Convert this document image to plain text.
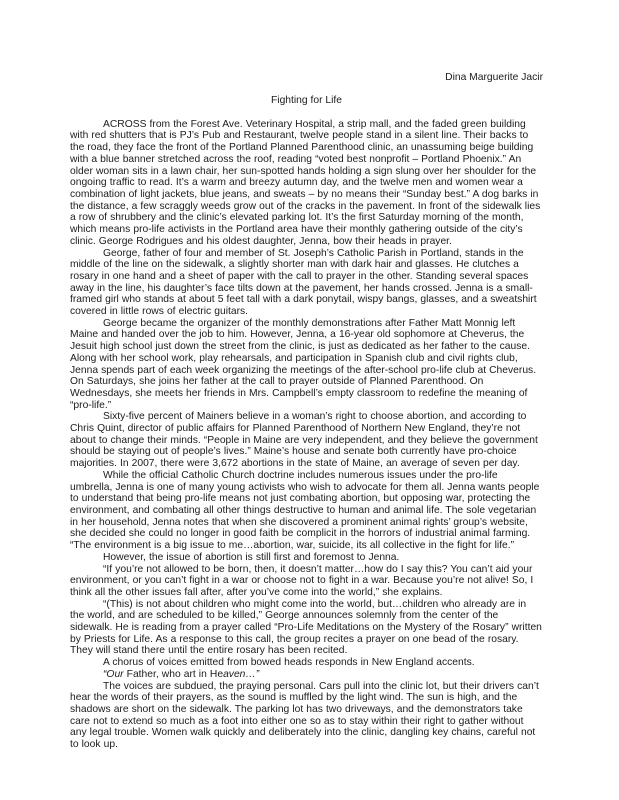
Dina Marguerite Jacir

Fighting for Life

ACROSS from the Forest Ave. Veterinary Hospital, a strip mall, and the faded green building with red shutters that is PJ’s Pub and Restaurant, twelve people stand in a silent line. Their backs to the road, they face the front of the Portland Planned Parenthood clinic, an unassuming beige building with a blue banner stretched across the roof, reading “voted best nonprofit – Portland Phoenix.” An older woman sits in a lawn chair, her sun-spotted hands holding a sign slung over her shoulder for the ongoing traffic to read. It’s a warm and breezy autumn day, and the twelve men and women wear a combination of light jackets, blue jeans, and sweats – by no means their “Sunday best.” A dog barks in the distance, a few scraggly weeds grow out of the cracks in the pavement. In front of the sidewalk lies a row of shrubbery and the clinic’s elevated parking lot. It’s the first Saturday morning of the month, which means pro-life activists in the Portland area have their monthly gathering outside of the city’s clinic. George Rodrigues and his oldest daughter, Jenna, bow their heads in prayer.

George, father of four and member of St. Joseph’s Catholic Parish in Portland, stands in the middle of the line on the sidewalk, a slightly shorter man with dark hair and glasses. He clutches a rosary in one hand and a sheet of paper with the call to prayer in the other. Standing several spaces away in the line, his daughter’s face tilts down at the pavement, her hands crossed. Jenna is a small-framed girl who stands at about 5 feet tall with a dark ponytail, wispy bangs, glasses, and a sweatshirt covered in little rows of electric guitars.

George became the organizer of the monthly demonstrations after Father Matt Monnig left Maine and handed over the job to him. However, Jenna, a 16-year old sophomore at Cheverus, the Jesuit high school just down the street from the clinic, is just as dedicated as her father to the cause. Along with her school work, play rehearsals, and participation in Spanish club and civil rights club, Jenna spends part of each week organizing the meetings of the after-school pro-life club at Cheverus. On Saturdays, she joins her father at the call to prayer outside of Planned Parenthood. On Wednesdays, she meets her friends in Mrs. Campbell’s empty classroom to redefine the meaning of “pro-life.”

Sixty-five percent of Mainers believe in a woman’s right to choose abortion, and according to Chris Quint, director of public affairs for Planned Parenthood of Northern New England, they’re not about to change their minds. “People in Maine are very independent, and they believe the government should be staying out of people’s lives.” Maine’s house and senate both currently have pro-choice majorities. In 2007, there were 3,672 abortions in the state of Maine, an average of seven per day.

While the official Catholic Church doctrine includes numerous issues under the pro-life umbrella, Jenna is one of many young activists who wish to advocate for them all. Jenna wants people to understand that being pro-life means not just combating abortion, but opposing war, protecting the environment, and combating all other things destructive to human and animal life. The sole vegetarian in her household, Jenna notes that when she discovered a prominent animal rights’ group’s website, she decided she could no longer in good faith be complicit in the horrors of industrial animal farming. “The environment is a big issue to me…abortion, war, suicide, its all collective in the fight for life.”

However, the issue of abortion is still first and foremost to Jenna.

“If you’re not allowed to be born, then, it doesn’t matter…how do I say this? You can’t aid your environment, or you can’t fight in a war or choose not to fight in a war. Because you’re not alive! So, I think all the other issues fall after, after you’ve come into the world,” she explains.

“(This) is not about children who might come into the world, but…children who already are in the world, and are scheduled to be killed,” George announces solemnly from the center of the sidewalk. He is reading from a prayer called “Pro-Life Meditations on the Mystery of the Rosary” written by Priests for Life. As a response to this call, the group recites a prayer on one bead of the rosary. They will stand there until the entire rosary has been recited.

A chorus of voices emitted from bowed heads responds in New England accents.

“Our Father, who art in Heaven…”

The voices are subdued, the praying personal. Cars pull into the clinic lot, but their drivers can’t hear the words of their prayers, as the sound is muffled by the light wind. The sun is high, and the shadows are short on the sidewalk. The parking lot has two driveways, and the demonstrators take care not to extend so much as a foot into either one so as to stay within their right to gather without any legal trouble. Women walk quickly and deliberately into the clinic, dangling key chains, careful not to look up.
